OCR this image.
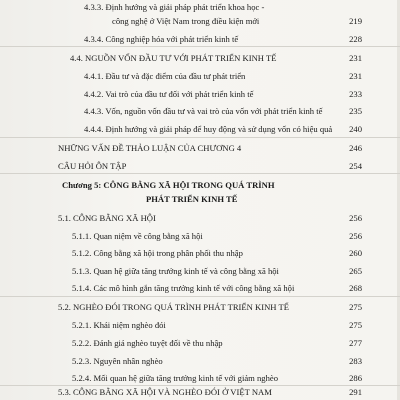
4.3.3. Định hướng và giải pháp phát triển khoa học -
công nghệ ở Việt Nam trong điều kiện mới	219
4.3.4. Công nghiệp hóa với phát triển kinh tế	228
4.4. NGUỒN VỐN ĐẦU TƯ VỚI PHÁT TRIỂN KINH TẾ	231
4.4.1. Đầu tư và đặc điểm của đầu tư phát triển	231
4.4.2. Vai trò của đầu tư đối với phát triển kinh tế	233
4.4.3. Vốn, nguồn vốn đầu tư và vai trò của vốn với phát triển kinh tế	235
4.4.4. Định hướng và giải pháp để huy động và sử dụng vốn có hiệu quả 240
NHỮNG VẤN ĐỀ THẢO LUẬN CỦA CHƯƠNG 4	246
CÂU HỎI ÔN TẬP	254
Chương 5: CÔNG BẰNG XÃ HỘI TRONG QUÁ TRÌNH
PHÁT TRIỂN KINH TẾ
5.1. CÔNG BẰNG XÃ HỘI	256
5.1.1. Quan niệm về công bằng xã hội	256
5.1.2. Công bằng xã hội trong phân phối thu nhập	260
5.1.3. Quan hệ giữa tăng trưởng kinh tế và công bằng xã hội	265
5.1.4. Các mô hình gắn tăng trưởng kinh tế với công bằng xã hội	268
5.2. NGHÈO ĐÓI TRONG QUÁ TRÌNH PHÁT TRIỂN KINH TẾ	275
5.2.1. Khái niệm nghèo đói	275
5.2.2. Đánh giá nghèo tuyệt đối về thu nhập	277
5.2.3. Nguyên nhân nghèo	283
5.2.4. Mối quan hệ giữa tăng trưởng kinh tế với giảm nghèo	286
5.3. CÔNG BẰNG XÃ HỘI VÀ NGHÈO ĐÓI Ở VIỆT NAM	291
